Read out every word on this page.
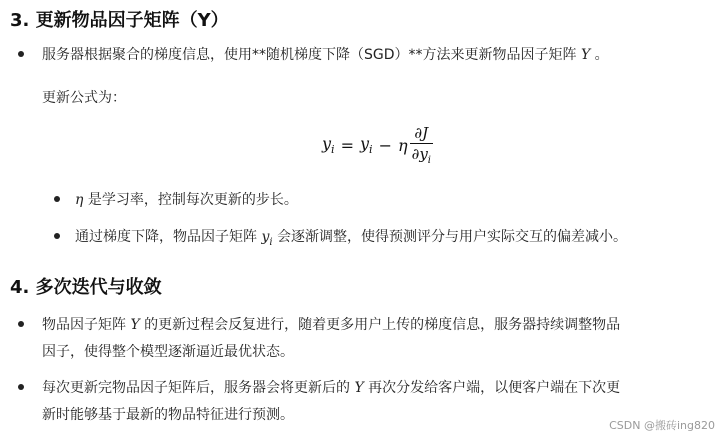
3. 更新物品因子矩阵（Y）
服务器根据聚合的梯度信息，使用**随机梯度下降（SGD）**方法来更新物品因子矩阵 Y 。
更新公式为：
$y_i = y_i - \eta \frac{\partial J}{\partial y_i}$
η 是学习率，控制每次更新的步长。
通过梯度下降，物品因子矩阵 $y_i$ 会逐渐调整，使得预测评分与用户实际交互的偏差减小。
4. 多次迭代与收敛
物品因子矩阵 Y 的更新过程会反复进行，随着更多用户上传的梯度信息，服务器持续调整物品
因子，使得整个模型逐渐逼近最优状态。
每次更新完物品因子矩阵后，服务器会将更新后的 Y 再次分发给客户端，以便客户端在下次更
新时能够基于最新的物品特征进行预测。
CSDN @搬砖ing820
